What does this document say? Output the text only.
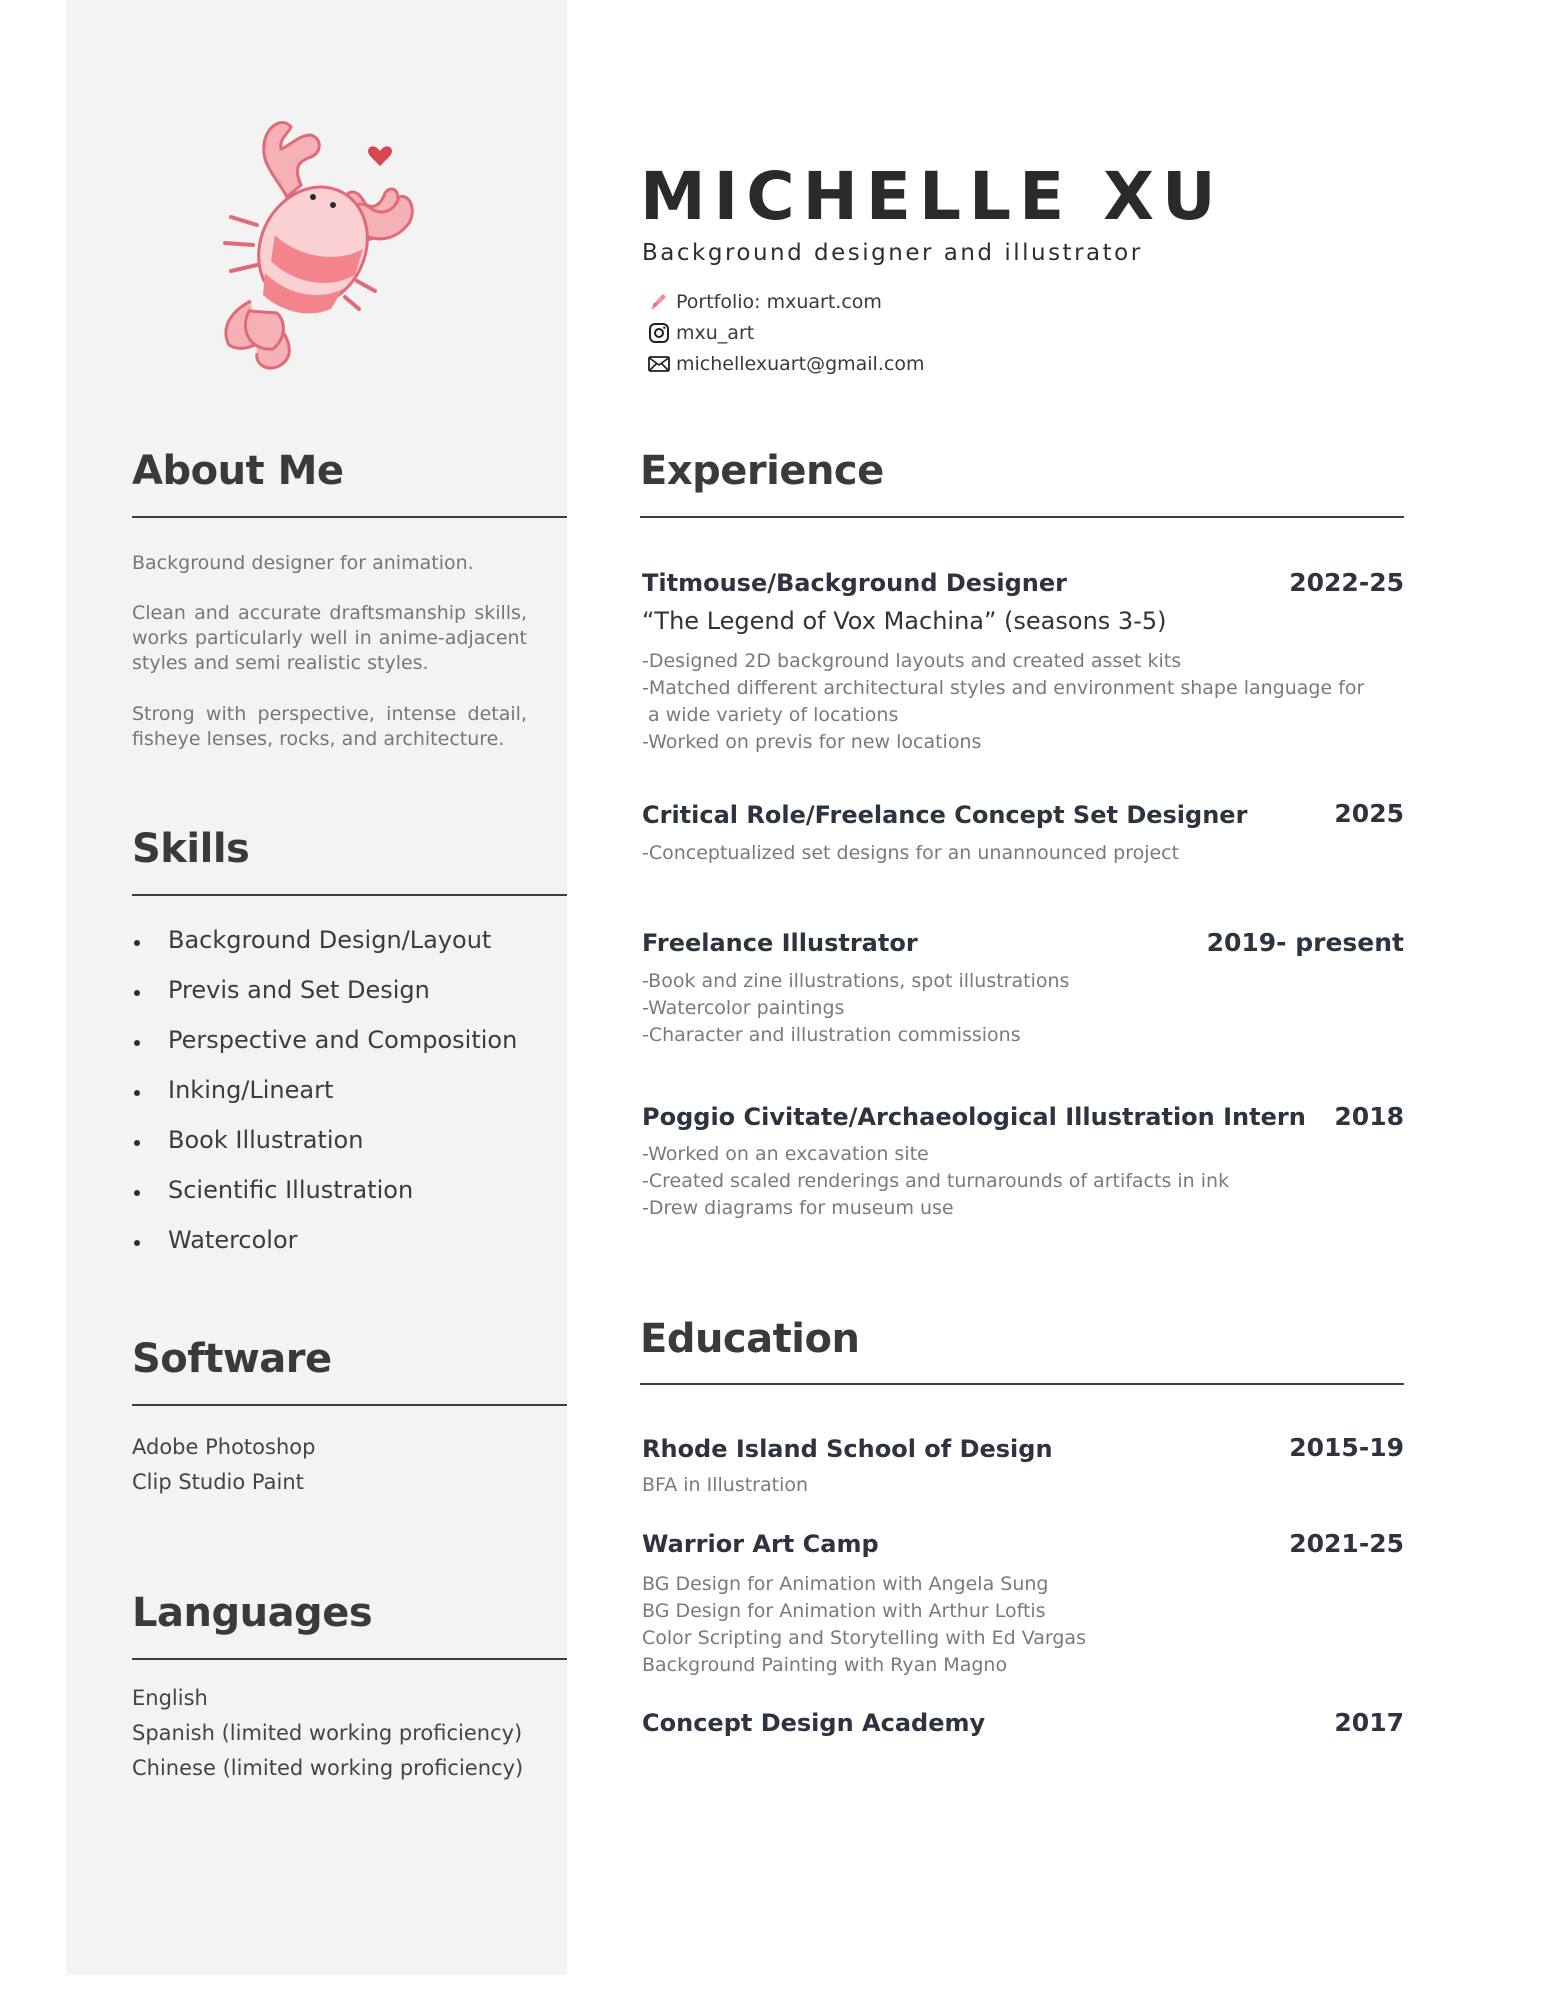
About Me

Background designer for animation.

Clean and accurate draftsmanship skills, works particularly well in anime-adjacent styles and semi realistic styles.

Strong with perspective, intense detail, fisheye lenses, rocks, and architecture.

Skills
Background Design/Layout
Previs and Set Design
Perspective and Composition
Inking/Lineart
Book Illustration
Scientific Illustration
Watercolor
Software
Adobe Photoshop
Clip Studio Paint
Languages
English
Spanish (limited working proficiency)
Chinese (limited working proficiency)
MICHELLE XU
Background designer and illustrator
Portfolio: mxuart.com
mxu_art
michellexuart@gmail.com
Experience
Titmouse/Background Designer	2022-25
“The Legend of Vox Machina” (seasons 3-5)
-Designed 2D background layouts and created asset kits
-Matched different architectural styles and environment shape language for
a wide variety of locations
-Worked on previs for new locations
Critical Role/Freelance Concept Set Designer	2025
-Conceptualized set designs for an unannounced project
Freelance Illustrator	2019- present
-Book and zine illustrations, spot illustrations
-Watercolor paintings
-Character and illustration commissions
Poggio Civitate/Archaeological Illustration Intern 2018
-Worked on an excavation site
-Created scaled renderings and turnarounds of artifacts in ink
-Drew diagrams for museum use
Education
Rhode Island School of Design	2015-19
BFA in Illustration
Warrior Art Camp	2021-25
BG Design for Animation with Angela Sung
BG Design for Animation with Arthur Loftis
Color Scripting and Storytelling with Ed Vargas
Background Painting with Ryan Magno
Concept Design Academy	2017
